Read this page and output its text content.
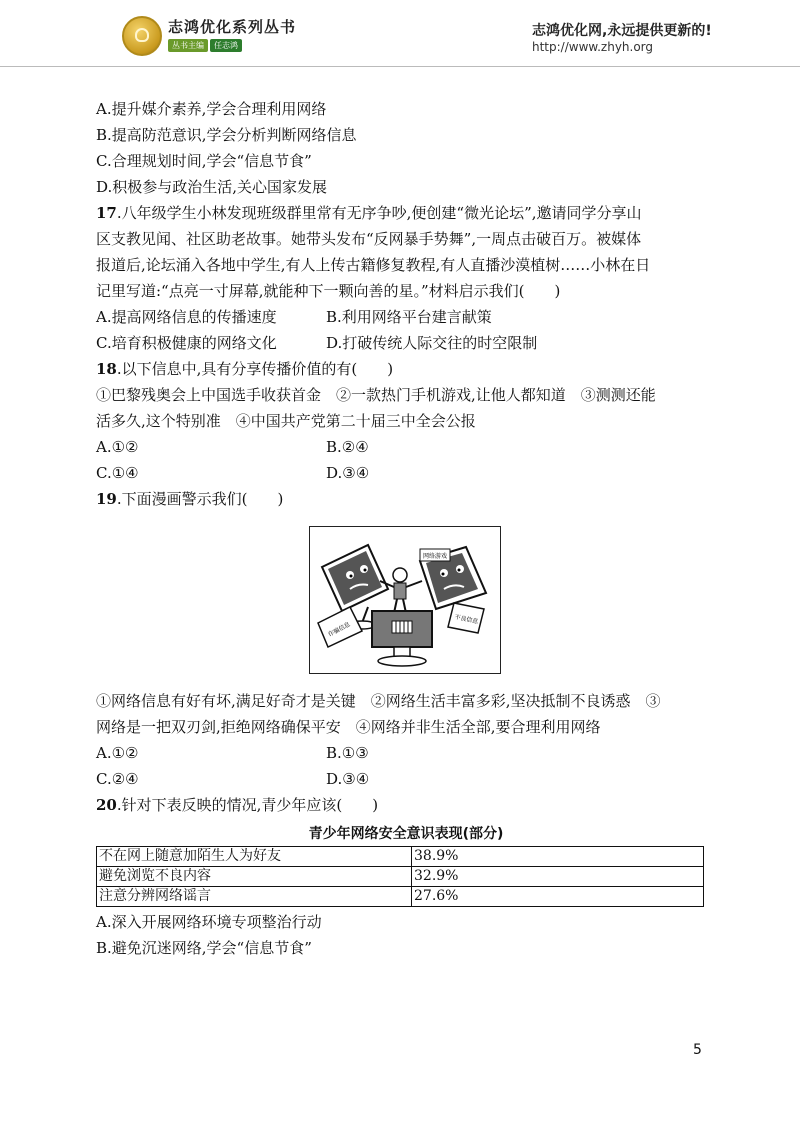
志鸿优化系列丛书
丛书主编	任志鸿
志鸿优化网,永远提供更新的!
http://www.zhyh.org
A.提升媒介素养,学会合理利用网络
B.提高防范意识,学会分析判断网络信息
C.合理规划时间,学会“信息节食”
D.积极参与政治生活,关心国家发展
17.八年级学生小林发现班级群里常有无序争吵,便创建“微光论坛”,邀请同学分享山
区支教见闻、社区助老故事。她带头发布“反网暴手势舞”,一周点击破百万。被媒体
报道后,论坛涌入各地中学生,有人上传古籍修复教程,有人直播沙漠植树……小林在日
记里写道:“点亮一寸屏幕,就能种下一颗向善的星。”材料启示我们(　　)
A.提高网络信息的传播速度	B.利用网络平台建言献策
C.培育积极健康的网络文化	D.打破传统人际交往的时空限制
18.以下信息中,具有分享传播价值的有(　　)
①巴黎残奥会上中国选手收获首金　②一款热门手机游戏,让他人都知道　③测测还能
活多久,这个特别准　④中国共产党第二十届三中全会公报
A.①②	B.②④
C.①④	D.③④
19.下面漫画警示我们(　　)
网络游戏
诈骗信息
不良信息
①网络信息有好有坏,满足好奇才是关键　②网络生活丰富多彩,坚决抵制不良诱惑　③
网络是一把双刃剑,拒绝网络确保平安　④网络并非生活全部,要合理利用网络
A.①②	B.①③
C.②④	D.③④
20.针对下表反映的情况,青少年应该(　　)
青少年网络安全意识表现(部分)
不在网上随意加陌生人为好友	38.9%
避免浏览不良内容	32.9%
注意分辨网络谣言	27.6%
A.深入开展网络环境专项整治行动
B.避免沉迷网络,学会“信息节食”
5
